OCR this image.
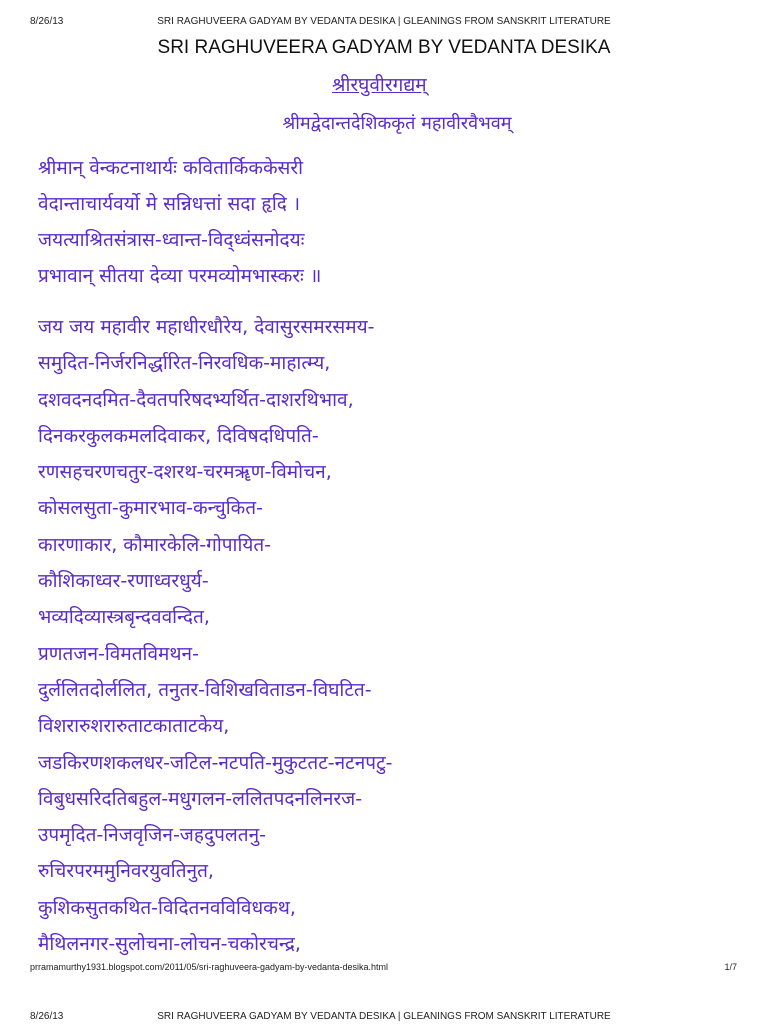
8/26/13	SRI RAGHUVEERA GADYAM BY VEDANTA DESIKA | GLEANINGS FROM SANSKRIT LITERATURE
SRI RAGHUVEERA GADYAM BY VEDANTA DESIKA
श्रीरघुवीरगद्यम्
श्रीमद्वेदान्तदेशिककृतं महावीरवैभवम्
श्रीमान् वेन्कटनाथार्यः कवितार्किककेसरी
वेदान्ताचार्यवर्यो मे सन्निधत्तां सदा हृदि ।
जयत्याश्रितसंत्रास-ध्वान्त-विद्ध्वंसनोदयः
प्रभावान् सीतया देव्या परमव्योमभास्करः ॥
जय जय महावीर महाधीरधौरेय, देवासुरसमरसमय-
समुदित-निर्जरनिर्द्धारित-निरवधिक-माहात्म्य,
दशवदनदमित-दैवतपरिषदभ्यर्थित-दाशरथिभाव,
दिनकरकुलकमलदिवाकर, दिविषदधिपति-
रणसहचरणचतुर-दशरथ-चरमॠण-विमोचन,
कोसलसुता-कुमारभाव-कन्चुकित-
कारणाकार, कौमारकेलि-गोपायित-
कौशिकाध्वर-रणाध्वरधुर्य-
भव्यदिव्यास्त्रबृन्दववन्दित,
प्रणतजन-विमतविमथन-
दुर्ललितदोर्ललित, तनुतर-विशिखविताडन-विघटित-
विशरारुशरारुताटकाताटकेय,
जडकिरणशकलधर-जटिल-नटपति-मुकुटतट-नटनपटु-
विबुधसरिदतिबहुल-मधुगलन-ललितपदनलिनरज-
उपमृदित-निजवृजिन-जहदुपलतनु-
रुचिरपरममुनिवरयुवतिनुत,
कुशिकसुतकथित-विदितनवविविधकथ,
मैथिलनगर-सुलोचना-लोचन-चकोरचन्द्र,
prramamurthy1931.blogspot.com/2011/05/sri-raghuveera-gadyam-by-vedanta-desika.html	1/7
8/26/13	SRI RAGHUVEERA GADYAM BY VEDANTA DESIKA | GLEANINGS FROM SANSKRIT LITERATURE
